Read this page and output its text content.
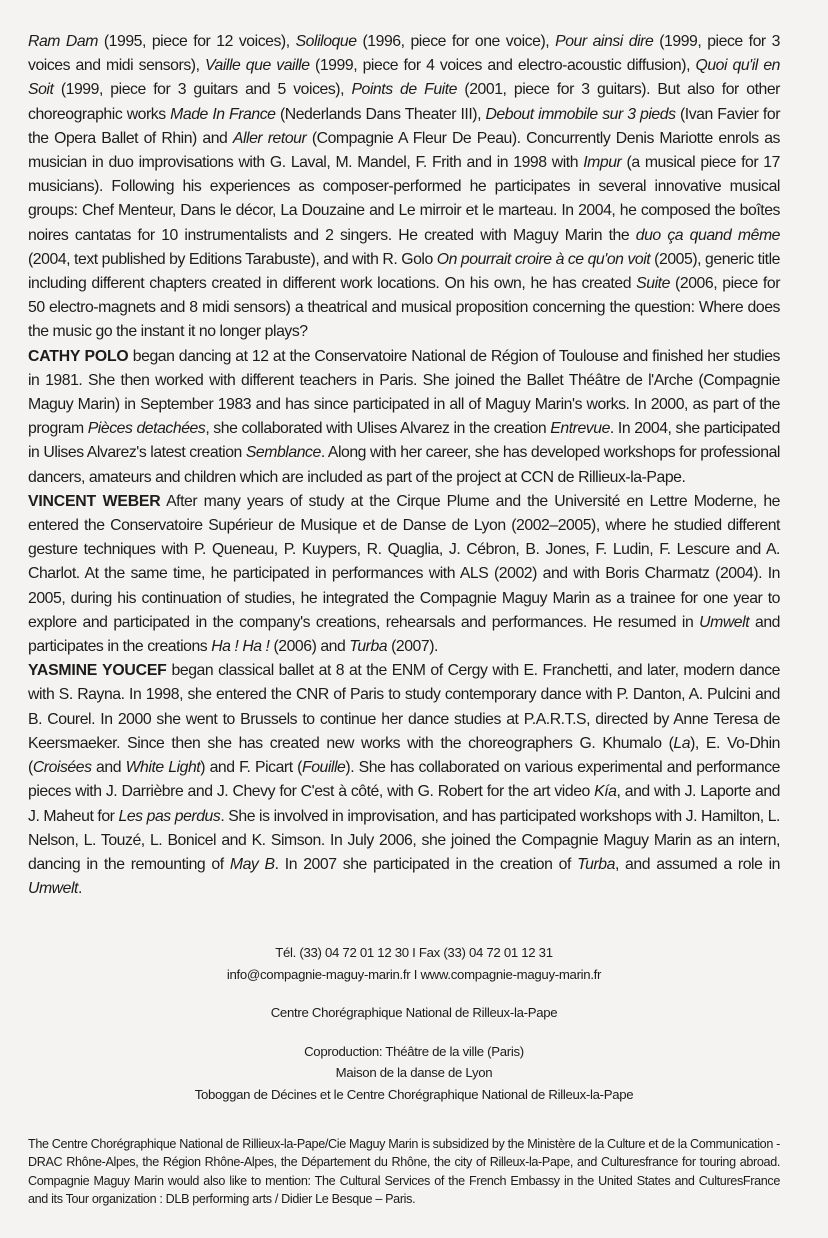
Ram Dam (1995, piece for 12 voices), Soliloque (1996, piece for one voice), Pour ainsi dire (1999, piece for 3 voices and midi sensors), Vaille que vaille (1999, piece for 4 voices and electro-acoustic diffusion), Quoi qu'il en Soit (1999, piece for 3 guitars and 5 voices), Points de Fuite (2001, piece for 3 guitars). But also for other choreographic works Made In France (Nederlands Dans Theater III), Debout immobile sur 3 pieds (Ivan Favier for the Opera Ballet of Rhin) and Aller retour (Compagnie A Fleur De Peau). Concurrently Denis Mariotte enrols as musician in duo improvisations with G. Laval, M. Mandel, F. Frith and in 1998 with Impur (a musical piece for 17 musicians). Following his experiences as composer-performed he participates in several innovative musical groups: Chef Menteur, Dans le décor, La Douzaine and Le mirroir et le marteau. In 2004, he composed the boîtes noires cantatas for 10 instrumentalists and 2 singers. He created with Maguy Marin the duo ça quand même (2004, text published by Editions Tarabuste), and with R. Golo On pourrait croire à ce qu'on voit (2005), generic title including different chapters created in different work locations. On his own, he has created Suite (2006, piece for 50 electro-magnets and 8 midi sensors) a theatrical and musical proposition concerning the question: Where does the music go the instant it no longer plays?

CATHY POLO began dancing at 12 at the Conservatoire National de Région of Toulouse and finished her studies in 1981. She then worked with different teachers in Paris. She joined the Ballet Théâtre de l'Arche (Compagnie Maguy Marin) in September 1983 and has since participated in all of Maguy Marin's works. In 2000, as part of the program Pièces detachées, she collaborated with Ulises Alvarez in the creation Entrevue. In 2004, she participated in Ulises Alvarez's latest creation Semblance. Along with her career, she has developed workshops for professional dancers, amateurs and children which are included as part of the project at CCN de Rillieux-la-Pape.

VINCENT WEBER After many years of study at the Cirque Plume and the Université en Lettre Moderne, he entered the Conservatoire Supérieur de Musique et de Danse de Lyon (2002–2005), where he studied different gesture techniques with P. Queneau, P. Kuypers, R. Quaglia, J. Cébron, B. Jones, F. Ludin, F. Lescure and A. Charlot. At the same time, he participated in performances with ALS (2002) and with Boris Charmatz (2004). In 2005, during his continuation of studies, he integrated the Compagnie Maguy Marin as a trainee for one year to explore and participated in the company's creations, rehearsals and performances. He resumed in Umwelt and participates in the creations Ha ! Ha ! (2006) and Turba (2007).

YASMINE YOUCEF began classical ballet at 8 at the ENM of Cergy with E. Franchetti, and later, modern dance with S. Rayna. In 1998, she entered the CNR of Paris to study contemporary dance with P. Danton, A. Pulcini and B. Courel. In 2000 she went to Brussels to continue her dance studies at P.A.R.T.S, directed by Anne Teresa de Keersmaeker. Since then she has created new works with the choreographers G. Khumalo (La), E. Vo-Dhin (Croisées and White Light) and F. Picart (Fouille). She has collaborated on various experimental and performance pieces with J. Darrièbre and J. Chevy for C'est à côté, with G. Robert for the art video Kía, and with J. Laporte and J. Maheut for Les pas perdus. She is involved in improvisation, and has participated workshops with J. Hamilton, L. Nelson, L. Touzé, L. Bonicel and K. Simson. In July 2006, she joined the Compagnie Maguy Marin as an intern, dancing in the remounting of May B. In 2007 she participated in the creation of Turba, and assumed a role in Umwelt.

Tél. (33) 04 72 01 12 30 I Fax (33) 04 72 01 12 31
info@compagnie-maguy-marin.fr I www.compagnie-maguy-marin.fr
Centre Chorégraphique National de Rilleux-la-Pape
Coproduction: Théâtre de la ville (Paris)
Maison de la danse de Lyon
Toboggan de Décines et le Centre Chorégraphique National de Rilleux-la-Pape
The Centre Chorégraphique National de Rillieux-la-Pape/Cie Maguy Marin is subsidized by the Ministère de la Culture et de la Communication - DRAC Rhône-Alpes, the Région Rhône-Alpes, the Département du Rhône, the city of Rilleux-la-Pape, and Culturesfrance for touring abroad. Compagnie Maguy Marin would also like to mention: The Cultural Services of the French Embassy in the United States and CulturesFrance and its Tour organization : DLB performing arts / Didier Le Besque – Paris.
